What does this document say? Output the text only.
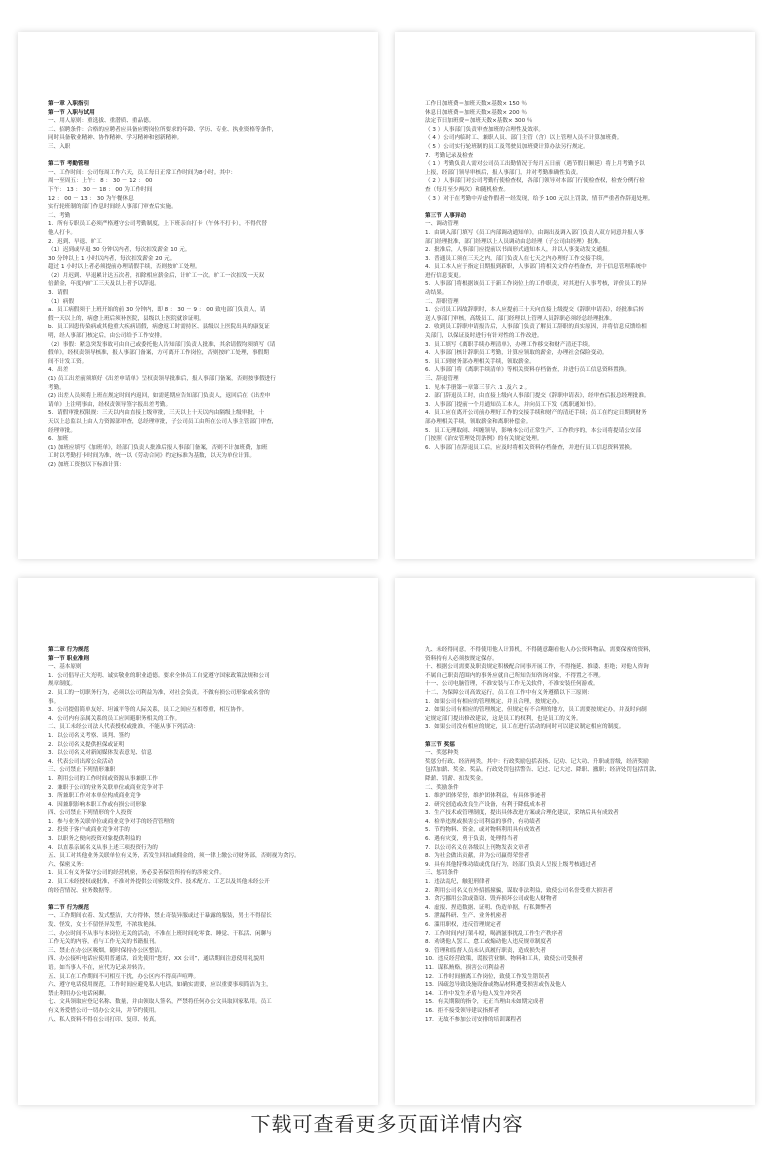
第一章 入职指引
第一节 入职与试用
一、用人原则：重选拔、重潜质、重品德。
二、招聘条件：合格的应聘者应具备应聘岗位所要求的年龄、学历、专业、执业资格等条件，
同时具备敬业精神、协作精神、学习精神和创新精神。
三、入职
第二节 考勤管理
一、工作时间：公司每周工作六天，员工每日正常工作时间为8小时。其中：
周一至周五：上午： 8 ： 30 － 12 ： 00
下午： 13 ： 30 － 18 ： 00 为工作时间
12 ： 00 － 13 ： 30 为午餐休息
实行轮班制的部门作息时间经人事部门审查后实施。
二、考勤
1．所有专职员工必须严格遵守公司考勤制度，上下班亲自打卡（午休不打卡），不得代替
他人打卡。
2．迟到、早退、旷工
（1）迟到或早退 30 分钟以内者，每次扣发薪金 10 元。
30 分钟以上 1 小时以内者，每次扣发薪金 20 元。
超过 1 小时以上者必须提前办理请假手续，否则按旷工处理。
（2）月迟到、早退累计达五次者，扣除相应薪金后，计旷工一次。旷工一次扣发一天双
倍薪金，年度内旷工三天及以上者予以辞退。
3．请假
（1）病假
a．员工病假须于上班开始的前 30 分钟内，即 8 ： 30 － 9 ： 00 致电部门负责人，请
假一天以上的，病愈上班后须补医院，县级以上医院就诊证明。
b．员工因患传染病或其他重大疾病请假，病愈返工时需持区、县级以上医院出具的康复证
明，经人事部门核定后，由公司给予工作安排。
（2）事假：紧急突发事故可由自己或委托他人告知部门负责人批准，其余请假均须填写《请
假单》，经权责领导核准，报人事部门备案，方可离开工作岗位，否则按旷工处理，事假期
间不计发工资。
4．出差
(1) 员工出差前须填好《出差申请单》呈权责领导批准后，报人事部门备案，否则按事假进行
考勤。
(2) 出差人员须将上班在规定时间内返回，如需延期应告知部门负责人，返回后在《出差申
请单》上注明事由，经权责领导签字报出差考勤。
5．请假审批权限规：三天以内由直接上级审批，三天以上十天以内由隔级上级审批，十
天以上总监以上由人力资源部审查，总经理审批，子公司员工由所在公司人事主管部门审查，
经理审批。
6．加班
(1) 加班应填写《加班单》，经部门负责人批准后报人事部门备案，否则不计加班费，加班
工时以考勤打卡时间为准，统一以《劳动合同》约定标准为基数，以天为单位计算。
(2) 加班工资按以下标准计算：
工作日加班费＝加班天数×基数× 150 ％
休息日加班费＝加班天数×基数× 200 ％
法定节日加班费＝加班天数×基数× 300 ％
（ 3 ）人事部门负责审查加班的合理性及效率。
（ 4 ）公司内临时工、兼职人员、部门主管（含）以上管理人员不计算加班费。
（ 5 ）公司实行轮班制的员工及驾驶员加班费计算办法另行规定。
7．考勤记录及检查
（ 1 ）考勤负责人需对公司员工出勤情况于每月五日前（遇节假日顺延）将上月考勤予以
上报，经部门领导审核后，报人事部门，并对考勤准确性负责。
（ 2 ）人事部门对公司考勤行使检查权，各部门领导对本部门行使检查权，检查分例行检
查（每月至少两次）和随机检查。
（ 3 ）对于在考勤中弄虚作假者一经发现，给予 100 元以上罚款，情节严重者作辞退处理。
第三节 人事异动
一、调动管理
1．由调入部门填写《员工内部调动通知单》，由调出及调入部门负责人双方同意并报人事
部门经理批准，部门经理以上人员调动由总经理（子公司由经理）批准。
2．批准后，人事部门应提前以书面形式通知本人，并以人事变动发文通报。
3．普通员工须在三天之内，部门负责人在七天之内办理好工作交接手续。
4．员工本人应于指定日期报到新职，人事部门将相关文件存档备查，并于信息管理系统中
进行信息变更。
5．人事部门将根据该员工于新工作岗位上的工作职责，对其进行人事考核，评价员工的异
动结果。
二、辞职管理
1．公司员工因故辞职时，本人应提前三十天向直接上级提交《辞职申请表》，经批准后转
送人事部门审核，高级员工、部门经理以上管理人员辞职必须经总经理批准。
2．收到员工辞职申请报告后，人事部门负责了解员工辞职的真实原因，并将信息反馈给相
关部门，以保证及时进行有针对性的工作改进。
3．员工填写《离职手续办理清单》，办理工作移交和财产清还手续。
4．人事部门核计辞职员工考勤，计算应领取的薪金，办理社会保险变动。
5．员工到财务部办理相关手续，领取薪金。
6．人事部门将《离职手续清单》等相关资料存档备查，并进行员工信息资料置换。
三、辞退管理
1．见本手册第一章第三节六 .1 .及六 2 。
2．部门辞退员工时，由直接上级向人事部门提交《辞职申请表》，经审查后报总经理批准。
3．人事部门提前一个月通知员工本人，并向员工下发《离职通知书》。
4．员工应在离开公司前办理好工作的交接手续和财产的清还手续；员工在约定日期到财务
部办理相关手续，领取薪金和离职补偿金。
5．员工无理取闹、纠缠领导，影响本公司正常生产、工作秩序的，本公司将提请公安部
门按照《治安管理处罚条例》的有关规定处理。
6．人事部门在辞退员工后，应及时将相关资料存档备查，并进行员工信息资料置换。
第二章 行为规范
第一节 职业准则
一、基本原则
1．公司倡导正大光明、诚实敬业的职业道德。要求全体员工自觉遵守国家政策法规和公司
规章制度。
2．员工的一切职务行为，必须以公司利益为准，对社会负责。不做有损公司形象或名誉的
事。
3．公司提倡简单友好、坦诚平等的人际关系，员工之间应互相尊重，相互协作。
4．公司内有亲属关系的员工应回避职务相关的工作。
二、员工未经公司法人代表授权或批准，不能从事下列活动：
1．以公司名义考察、谈判、签约
2．以公司名义提供担保或证明
3．以公司名义对新闻媒体发表意见、信息
4．代表公司出席公众活动
三、公司禁止下列情形兼职
1．利用公司的工作时间或资源从事兼职工作
2．兼职于公司的业务关联单位或商业竞争对手
3．所兼职工作对本单位构成商业竞争
4．因兼职影响本职工作或有损公司形象
四、公司禁止下列情形的个人投资
1．参与业务关联单位或商业竞争对手的经营管理的
2．投资于客户或商业竞争对手的
3．以职务之便向投资对象提供利益的
4．以直系亲属名义从事上述三项投资行为的
五、员工对其他业务关联单位有义务，若发生回扣或佣金的，须一律上缴公司财务部，否则视为贪污。
六、保密义务：
1．员工有义务保守公司的经营机密，务必妥善保管所持有的涉密文件。
2．员工未经授权或批准，不准对外提供公司密级文件、技术配方、工艺以及其他未经公开
的经营情况、业务数据等。
第二节 行为规范
一、工作期间衣着、发式整洁，大方得体，禁止奇装异服或过于暴露的服装，男士不得留长
发、怪发，女士不留怪异发型，不浓妆艳抹。
二、办公时间不从事与本岗位无关的活动，不准在上班时间吃零食、睡觉、干私活、闲聊与
工作无关的内容，看与工作无关的书籍报刊。
三、禁止在办公区吸烟，随时保持办公区整洁。
四、办公接听电话应使用普通话，首先使用“您好，XX 公司”，通话期间注意使用礼貌用
语。如当事人不在，应代为记录并转告。
五、员工在工作期间不可相互干扰，办公区内不得高声喧哗。
六、遵守电话使用规范，工作时间应避免私人电话，如确实需要，应以重要事项简洁为主，
禁止利用办公电话闲聊。
七、文具领取应登记名称、数量，并由领取人签名，严禁将任何办公文具取回家私用。员工
有义务爱惜公司一切办公文具，并节约使用。
八、私人资料不得在公司打印、复印、传真。
九、未经得同意，不得使用他人计算机，不得随意翻看他人办公资料物品，需要保密的资料，
资料持有人必须按规定保存。
十、根据公司需要及职责规定积极配合同事开展工作，不得拖延、推诿、拒绝；对他人咨询
不属自己职责范围内的事务应就自己所知告知咨询对象，不得置之不理。
十一、公司电脑管理，不准安装与工作无关软件，不准安装任何游戏。
十二、为保障公司高效运行，员工在工作中有义务遵循以下三原则：
1．如果公司有相应的管理规定，并且合理，按规定办。
2．如果公司有相应的管理规定，但规定有不合理的地方，员工需要按规定办，并及时向制
定规定部门提出修改建议，这是员工的权利，也是员工的义务。
3．如果公司没有相应的规定，员工在进行活动的同时可以建议制定相应的制度。
第三节 奖惩
一、奖惩种类
奖惩分行政、经济两类，其中：行政奖励包括表扬、记功、记大功、升职或晋级，经济奖励
包括加薪、奖金、奖品。行政处罚包括警告、记过、记大过、降职、撤职；经济处罚包括罚款、
降薪、罚薪、扣发奖金。
二、奖励条件
1．维护团体荣誉，维护团体利益，有具体事迹者
2．研究创造或改良生产设备，有利于降低成本者
3．生产技术或管理制度，提出具体改进方案或合理化建议，采纳后具有成效者
4．检举违规或损害公司利益的事件，有功绩者
5．节约物料、资金，或对物料利用具有成效者
6．遇有灾变，勇于负责，处理得当者
7．以公司名义在各级以上刊物发表文章者
8．为社会做出贡献，并为公司赢得荣誉者
9．具有其他特殊功绩或优良行为，经部门负责人呈报上级考核通过者
三、惩罚条件
1．违法乱纪，触犯刑律者
2．利用公司名义在外招摇撞骗，谋取非法利益，致使公司名誉受重大损害者
3．贪污挪用公款或盗窃、毁弃损坏公司或他人财物者
4．虚报、捏造数据、证明、伪造单据，行私舞弊者
5．泄漏科研、生产、业务机密者
6．滥用职权，违反管理规定者
7．工作时间内打架斗殴，喝酒滋事扰乱工作生产秩序者
8．劝诱他人罢工、怠工或煽动他人违反规章制度者
9．管理和监督人员未认真履行职责，造成损失者
10．违反经营政策，谎报营业额、物料和工具，致使公司受损者
11．谋私贿赂，损害公司利益者
12．工作时间擅离工作岗位，致使工作发生错误者
13．因疏忽导致设施设备或物品材料遭受损害或伤及他人
14．工作中发生矛盾与他人发生冲突者
15．有关期限的指令，无正当理由未如期完成者
16．拒不接受领导建议指挥者
17．无故不参加公司安排的培训课程者
下载可查看更多页面详情内容
